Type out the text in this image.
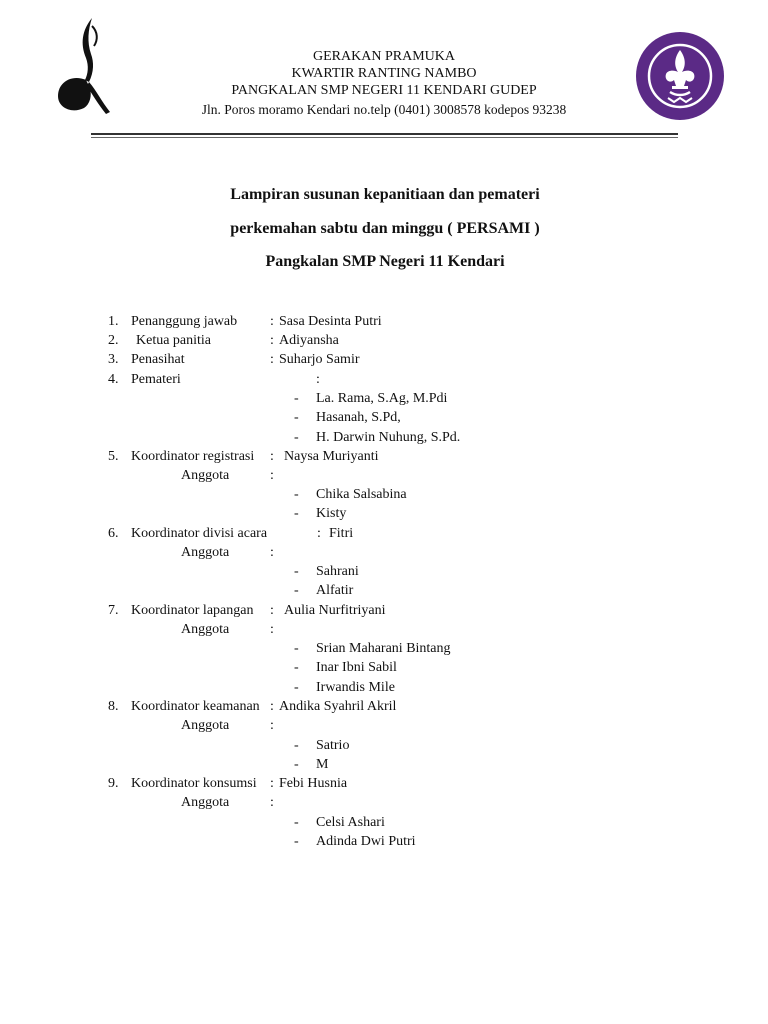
GERAKAN PRAMUKA
KWARTIR RANTING NAMBO
PANGKALAN SMP NEGERI 11 KENDARI GUDEP
Jln. Poros moramo Kendari no.telp (0401) 3008578 kodepos 93238
Lampiran susunan kepanitiaan dan pemateri
perkemahan sabtu dan minggu ( PERSAMI )
Pangkalan SMP Negeri 11 Kendari
1. Penanggung jawab : Sasa Desinta Putri
2. Ketua panitia	: Adiyansha
3. Penasihat	: Suharjo Samir
4. Pemateri	:
- La. Rama, S.Ag, M.Pdi
- Hasanah, S.Pd,
- H. Darwin Nuhung, S.Pd.
5. Koordinator registrasi : Naysa Muriyanti
Anggota	:
- Chika Salsabina
- Kisty
6. Koordinator divisi acara	: Fitri
Anggota	:
- Sahrani
- Alfatir
7. Koordinator lapangan : Aulia Nurfitriyani
Anggota	:
- Srian Maharani Bintang
- Inar Ibni Sabil
- Irwandis Mile
8. Koordinator keamanan : Andika Syahril Akril
Anggota	:
- Satrio
- M
9. Koordinator konsumsi : Febi Husnia
Anggota	:
- Celsi Ashari
- Adinda Dwi Putri
